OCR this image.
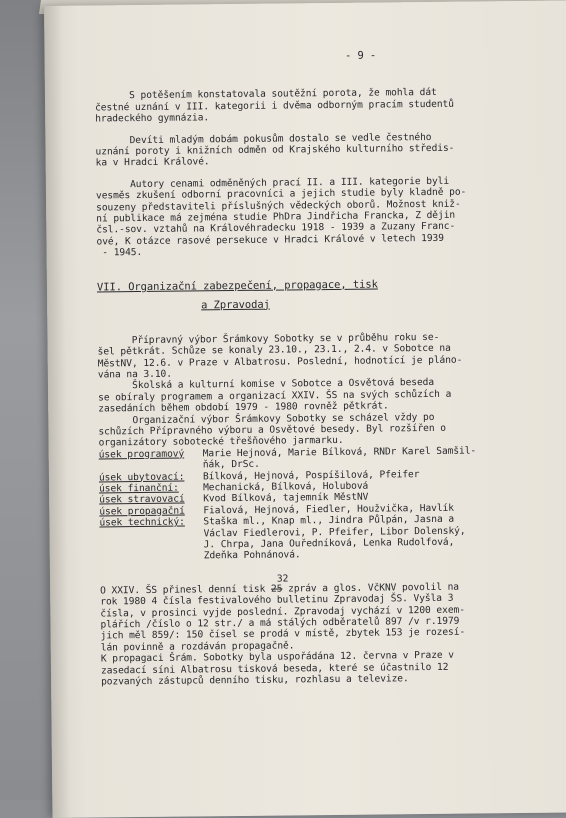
- 9 -
S potěšením konstatovala soutěžní porota, že mohla dát
čestné uznání v III. kategorii i dvěma odborným pracím studentů
hradeckého gymnázia.
Devíti mladým dobám pokusům dostalo se vedle čestného
uznání poroty i knižních odměn od Krajského kulturního středis-
ka v Hradci Králové.
Autory cenami odměněných prací II. a III. kategorie byli
vesměs zkušení odborní pracovníci a jejich studie byly kladně po-
souzeny představiteli příslušných vědeckých oborů. Možnost kniž-
ní publikace má zejména studie PhDra Jindřicha Francka, Z dějin
čsl.-sov. vztahů na Královéhradecku 1918 - 1939 a Zuzany Franc-
ové, K otázce rasové persekuce v Hradci Králové v letech 1939
- 1945.
VII. Organizační zabezpečení, propagace, tisk
a Zpravodaj
Přípravný výbor Šrámkovy Sobotky se v průběhu roku se-
šel pětkrát. Schůze se konaly 23.10., 23.1., 2.4. v Sobotce na
MěstNV, 12.6. v Praze v Albatrosu. Poslední, hodnotící je pláno-
vána na 3.10.
Školská a kulturní komise v Sobotce a Osvětová beseda
se obíraly programem a organizací XXIV. ŠS na svých schůzích a
zasedáních během období 1979 - 1980 rovněž pětkrát.
Organizační výbor Šrámkovy Sobotky se scházel vždy po
schůzích Přípravného výboru a Osvětové besedy. Byl rozšířen o
organizátory sobotecké třešňového jarmarku.
úsek programový Marie Hejnová, Marie Bílková, RNDr Karel Samšil-
ňák, DrSc.
úsek ubytovací: Bílková, Hejnová, Pospíšilová, Pfeifer
úsek finanční:	Mechanická, Bílková, Holubová
úsek stravovací Kvod Bílková, tajemník MěstNV
úsek propagační Fialová, Hejnová, Fiedler, Houžvička, Havlík
úsek technický: Staška ml., Knap ml., Jindra Půlpán, Jasna a
Václav Fiedlerovi, P. Pfeifer, Libor Dolenský,
J. Chrpa, Jana Ouředníková, Lenka Rudolfová,
Zdeňka Pohnánová.
O XXIV. ŠS přinesl denní tisk
32
25 zpráv a glos. VčKNV povolil na
rok 1980 4 čísla festivalového bulletinu Zpravodaj ŠS. Vyšla 3
čísla, v prosinci vyjde poslední. Zpravodaj vychází v 1200 exem-
plářích /číslo o 12 str./ a má stálých odběratelů 897 /v r.1979
jich měl 859/: 150 čísel se prodá v místě, zbytek 153 je rozesí-
lán povinně a rozdáván propagačně.
K propagaci Šrám. Sobotky byla uspořádána 12. června v Praze v
zasedací síni Albatrosu tisková beseda, které se účastnilo 12
pozvaných zástupců denního tisku, rozhlasu a televize.
